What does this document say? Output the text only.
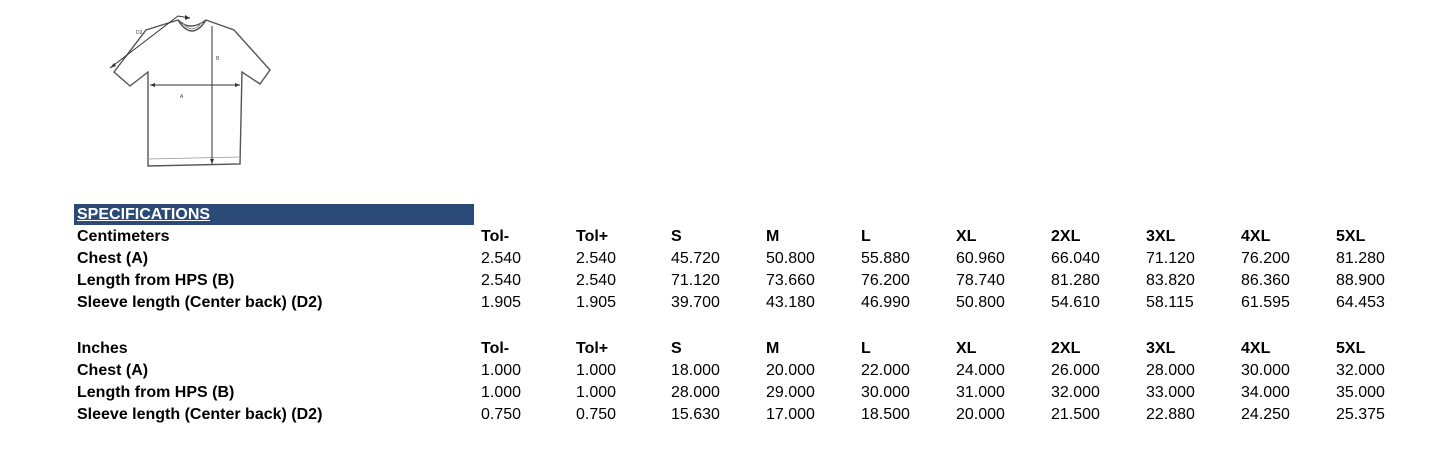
A
B
D2
SPECIFICATIONS
Centimeters	Tol-	Tol+	S	M	L	XL	2XL	3XL	4XL	5XL
Chest (A)	2.540	2.540	45.720	50.800	55.880	60.960	66.040	71.120	76.200	81.280
Length from HPS (B)	2.540	2.540	71.120	73.660	76.200	78.740	81.280	83.820	86.360	88.900
Sleeve length (Center back) (D2)	1.905	1.905	39.700	43.180	46.990	50.800	54.610	58.115	61.595	64.453
Inches	Tol-	Tol+	S	M	L	XL	2XL	3XL	4XL	5XL
Chest (A)	1.000	1.000	18.000	20.000	22.000	24.000	26.000	28.000	30.000	32.000
Length from HPS (B)	1.000	1.000	28.000	29.000	30.000	31.000	32.000	33.000	34.000	35.000
Sleeve length (Center back) (D2)	0.750	0.750	15.630	17.000	18.500	20.000	21.500	22.880	24.250	25.375
